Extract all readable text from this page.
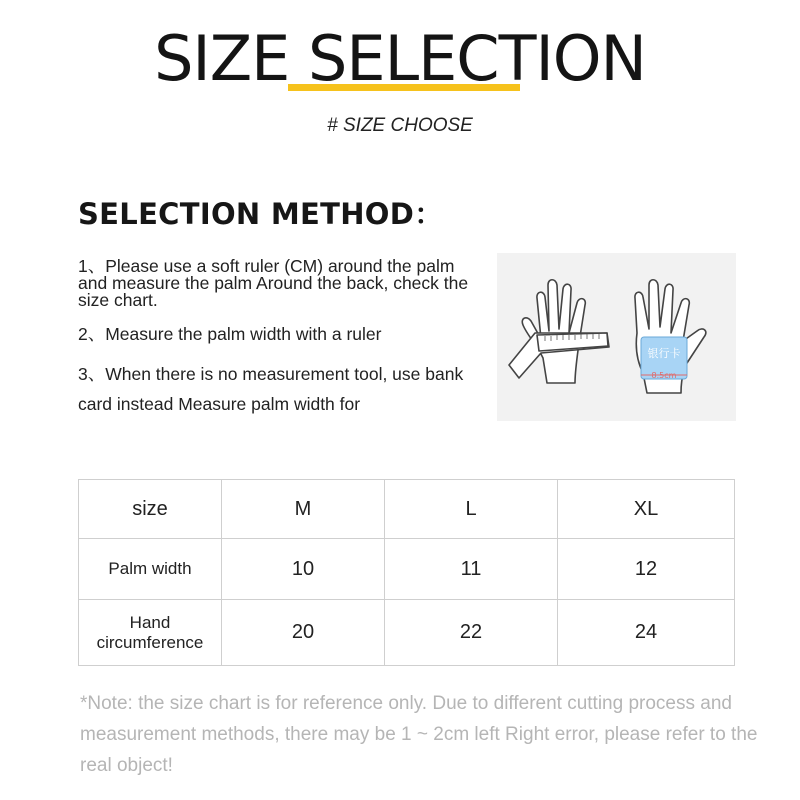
SIZE SELECTION
# SIZE CHOOSE
SELECTION METHOD：

1、Please use a soft ruler (CM) around the palm and measure the palm Around the back, check the size chart.

2、Measure the palm width with a ruler

3、When there is no measurement tool, use bank card instead Measure palm width for

银行卡
8.5cm
size	M	L	XL
Palm width	10	11	12
Hand circumference	20	22	24
*Note: the size chart is for reference only. Due to different cutting process and measurement methods, there may be 1 ~ 2cm left Right error, please refer to the real object!
